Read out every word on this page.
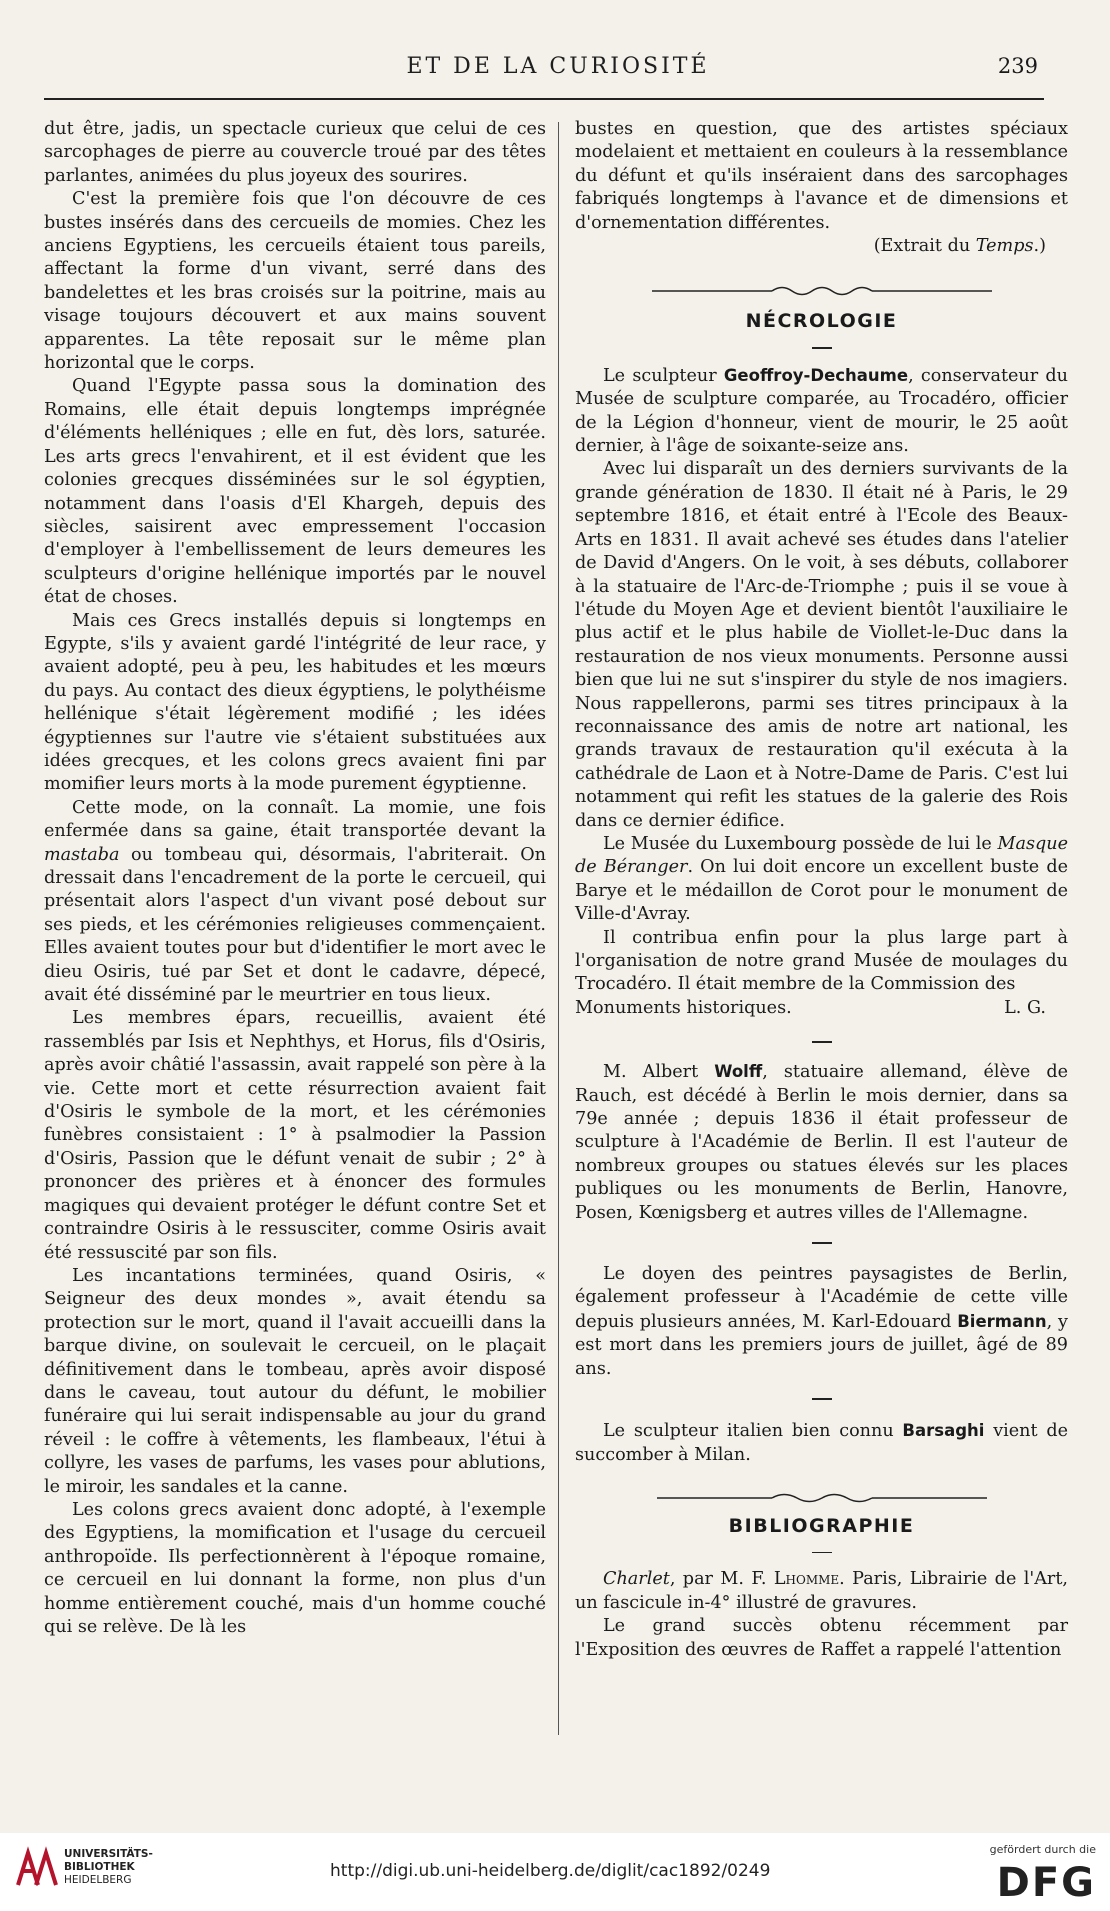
ET DE LA CURIOSITÉ	239

dut être, jadis, un spectacle curieux que celui de ces sarcophages de pierre au couvercle troué par des têtes parlantes, animées du plus joyeux des sourires.

C'est la première fois que l'on découvre de ces bustes insérés dans des cercueils de momies. Chez les anciens Egyptiens, les cercueils étaient tous pareils, affectant la forme d'un vivant, serré dans des bandelettes et les bras croisés sur la poitrine, mais au visage toujours découvert et aux mains souvent apparentes. La tête reposait sur le même plan horizontal que le corps.

Quand l'Egypte passa sous la domination des Romains, elle était depuis longtemps imprégnée d'éléments helléniques ; elle en fut, dès lors, saturée. Les arts grecs l'envahirent, et il est évident que les colonies grecques disséminées sur le sol égyptien, notamment dans l'oasis d'El Khargeh, depuis des siècles, saisirent avec empressement l'occasion d'employer à l'embellissement de leurs demeures les sculpteurs d'origine hellénique importés par le nouvel état de choses.

Mais ces Grecs installés depuis si longtemps en Egypte, s'ils y avaient gardé l'intégrité de leur race, y avaient adopté, peu à peu, les habitudes et les mœurs du pays. Au contact des dieux égyptiens, le polythéisme hellénique s'était légèrement modifié ; les idées égyptiennes sur l'autre vie s'étaient substituées aux idées grecques, et les colons grecs avaient fini par momifier leurs morts à la mode purement égyptienne.

Cette mode, on la connaît. La momie, une fois enfermée dans sa gaine, était transportée devant la mastaba ou tombeau qui, désormais, l'abriterait. On dressait dans l'encadrement de la porte le cercueil, qui présentait alors l'aspect d'un vivant posé debout sur ses pieds, et les cérémonies religieuses commençaient. Elles avaient toutes pour but d'identifier le mort avec le dieu Osiris, tué par Set et dont le cadavre, dépecé, avait été disséminé par le meurtrier en tous lieux.

Les membres épars, recueillis, avaient été rassemblés par Isis et Nephthys, et Horus, fils d'Osiris, après avoir châtié l'assassin, avait rappelé son père à la vie. Cette mort et cette résurrection avaient fait d'Osiris le symbole de la mort, et les cérémonies funèbres consistaient : 1° à psalmodier la Passion d'Osiris, Passion que le défunt venait de subir ; 2° à prononcer des prières et à énoncer des formules magiques qui devaient protéger le défunt contre Set et contraindre Osiris à le ressusciter, comme Osiris avait été ressuscité par son fils.

Les incantations terminées, quand Osiris, « Seigneur des deux mondes », avait étendu sa protection sur le mort, quand il l'avait accueilli dans la barque divine, on soulevait le cercueil, on le plaçait définitivement dans le tombeau, après avoir disposé dans le caveau, tout autour du défunt, le mobilier funéraire qui lui serait indispensable au jour du grand réveil : le coffre à vêtements, les flambeaux, l'étui à collyre, les vases de parfums, les vases pour ablutions, le miroir, les sandales et la canne.

Les colons grecs avaient donc adopté, à l'exemple des Egyptiens, la momification et l'usage du cercueil anthropoïde. Ils perfectionnèrent à l'époque romaine, ce cercueil en lui donnant la forme, non plus d'un homme entièrement couché, mais d'un homme couché qui se relève. De là les

bustes en question, que des artistes spéciaux modelaient et mettaient en couleurs à la ressemblance du défunt et qu'ils inséraient dans des sarcophages fabriqués longtemps à l'avance et de dimensions et d'ornementation différentes.

(Extrait du Temps.)

NÉCROLOGIE

Le sculpteur Geoffroy-Dechaume, conservateur du Musée de sculpture comparée, au Trocadéro, officier de la Légion d'honneur, vient de mourir, le 25 août dernier, à l'âge de soixante-seize ans.

Avec lui disparaît un des derniers survivants de la grande génération de 1830. Il était né à Paris, le 29 septembre 1816, et était entré à l'Ecole des Beaux-Arts en 1831. Il avait achevé ses études dans l'atelier de David d'Angers. On le voit, à ses débuts, collaborer à la statuaire de l'Arc-de-Triomphe ; puis il se voue à l'étude du Moyen Age et devient bientôt l'auxiliaire le plus actif et le plus habile de Viollet-le-Duc dans la restauration de nos vieux monuments. Personne aussi bien que lui ne sut s'inspirer du style de nos imagiers. Nous rappellerons, parmi ses titres principaux à la reconnaissance des amis de notre art national, les grands travaux de restauration qu'il exécuta à la cathédrale de Laon et à Notre-Dame de Paris. C'est lui notamment qui refit les statues de la galerie des Rois dans ce dernier édifice.

Le Musée du Luxembourg possède de lui le Masque de Béranger. On lui doit encore un excellent buste de Barye et le médaillon de Corot pour le monument de Ville-d'Avray.

Il contribua enfin pour la plus large part à l'organisation de notre grand Musée de moulages du Trocadéro. Il était membre de la Commission des

Monuments historiques.	L. G.

M. Albert Wolff, statuaire allemand, élève de Rauch, est décédé à Berlin le mois dernier, dans sa 79e année ; depuis 1836 il était professeur de sculpture à l'Académie de Berlin. Il est l'auteur de nombreux groupes ou statues élevés sur les places publiques ou les monuments de Berlin, Hanovre, Posen, Kœnigsberg et autres villes de l'Allemagne.

Le doyen des peintres paysagistes de Berlin, également professeur à l'Académie de cette ville depuis plusieurs années, M. Karl-Edouard Biermann, y est mort dans les premiers jours de juillet, âgé de 89 ans.

Le sculpteur italien bien connu Barsaghi vient de succomber à Milan.

BIBLIOGRAPHIE

Charlet, par M. F. Lhomme. Paris, Librairie de l'Art, un fascicule in-4° illustré de gravures.

Le grand succès obtenu récemment par l'Exposition des œuvres de Raffet a rappelé l'attention

UNIVERSITÄTS-
BIBLIOTHEK
HEIDELBERG	http://digi.ub.uni-heidelberg.de/diglit/cac1892/0249
gefördert durch die
DFG
